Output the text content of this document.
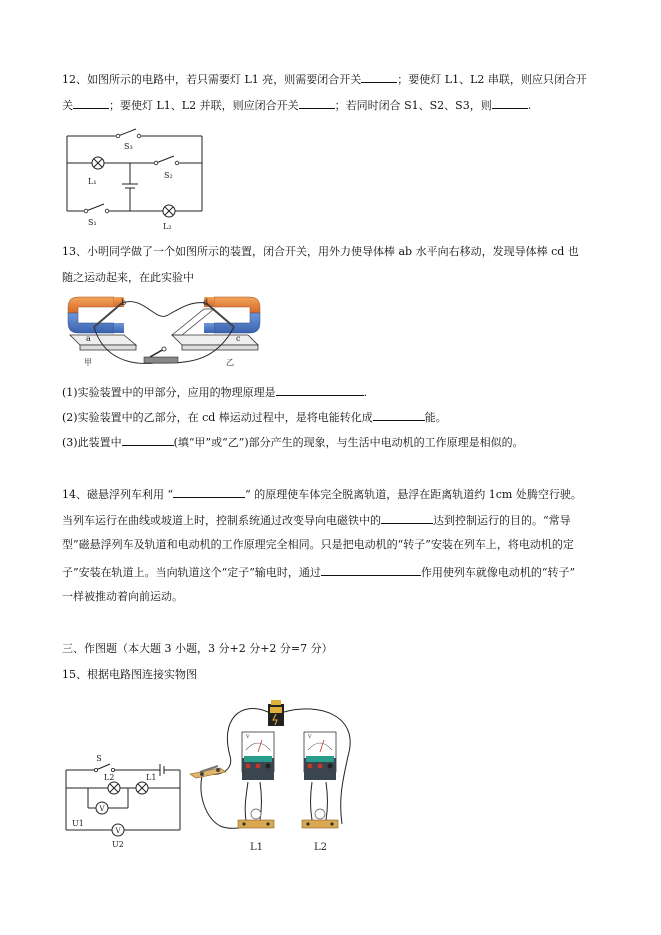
12、如图所示的电路中，若只需要灯 L1 亮，则需要闭合开关	；要使灯 L1、L2 串联，则应只闭合开
关	；要使灯 L1、L2 并联，则应闭合开关	；若同时闭合 S1、S2、S3，则	.
S₃
S₂
L₁
S₁	L₂
13、小明同学做了一个如图所示的装置，闭合开关，用外力使导体棒 ab 水平向右移动，发现导体棒 cd 也
随之运动起来，在此实验中
b
a
d
c
甲	乙
(1)实验装置中的甲部分，应用的物理原理是	.
(2)实验装置中的乙部分，在 cd 棒运动过程中，是将电能转化成	能。
(3)此装置中	(填“甲”或“乙”)部分产生的现象，与生活中电动机的工作原理是相似的。
14、磁悬浮列车利用 “	” 的原理使车体完全脱离轨道，悬浮在距离轨道约 1cm 处腾空行驶。
当列车运行在曲线或坡道上时，控制系统通过改变导向电磁铁中的	达到控制运行的目的。“常导
型”磁悬浮列车及轨道和电动机的工作原理完全相同。只是把电动机的“转子”安装在列车上，将电动机的定
子”安装在轨道上。当向轨道这个“定子”输电时，通过	作用使列车就像电动机的“转子”
一样被推动着向前运动。
三、作图题（本大题 3 小题，3 分+2 分+2 分=7 分）
15、根据电路图连接实物图
S
L2	L1
U1
U2
V
V
V	V
L1	L2
